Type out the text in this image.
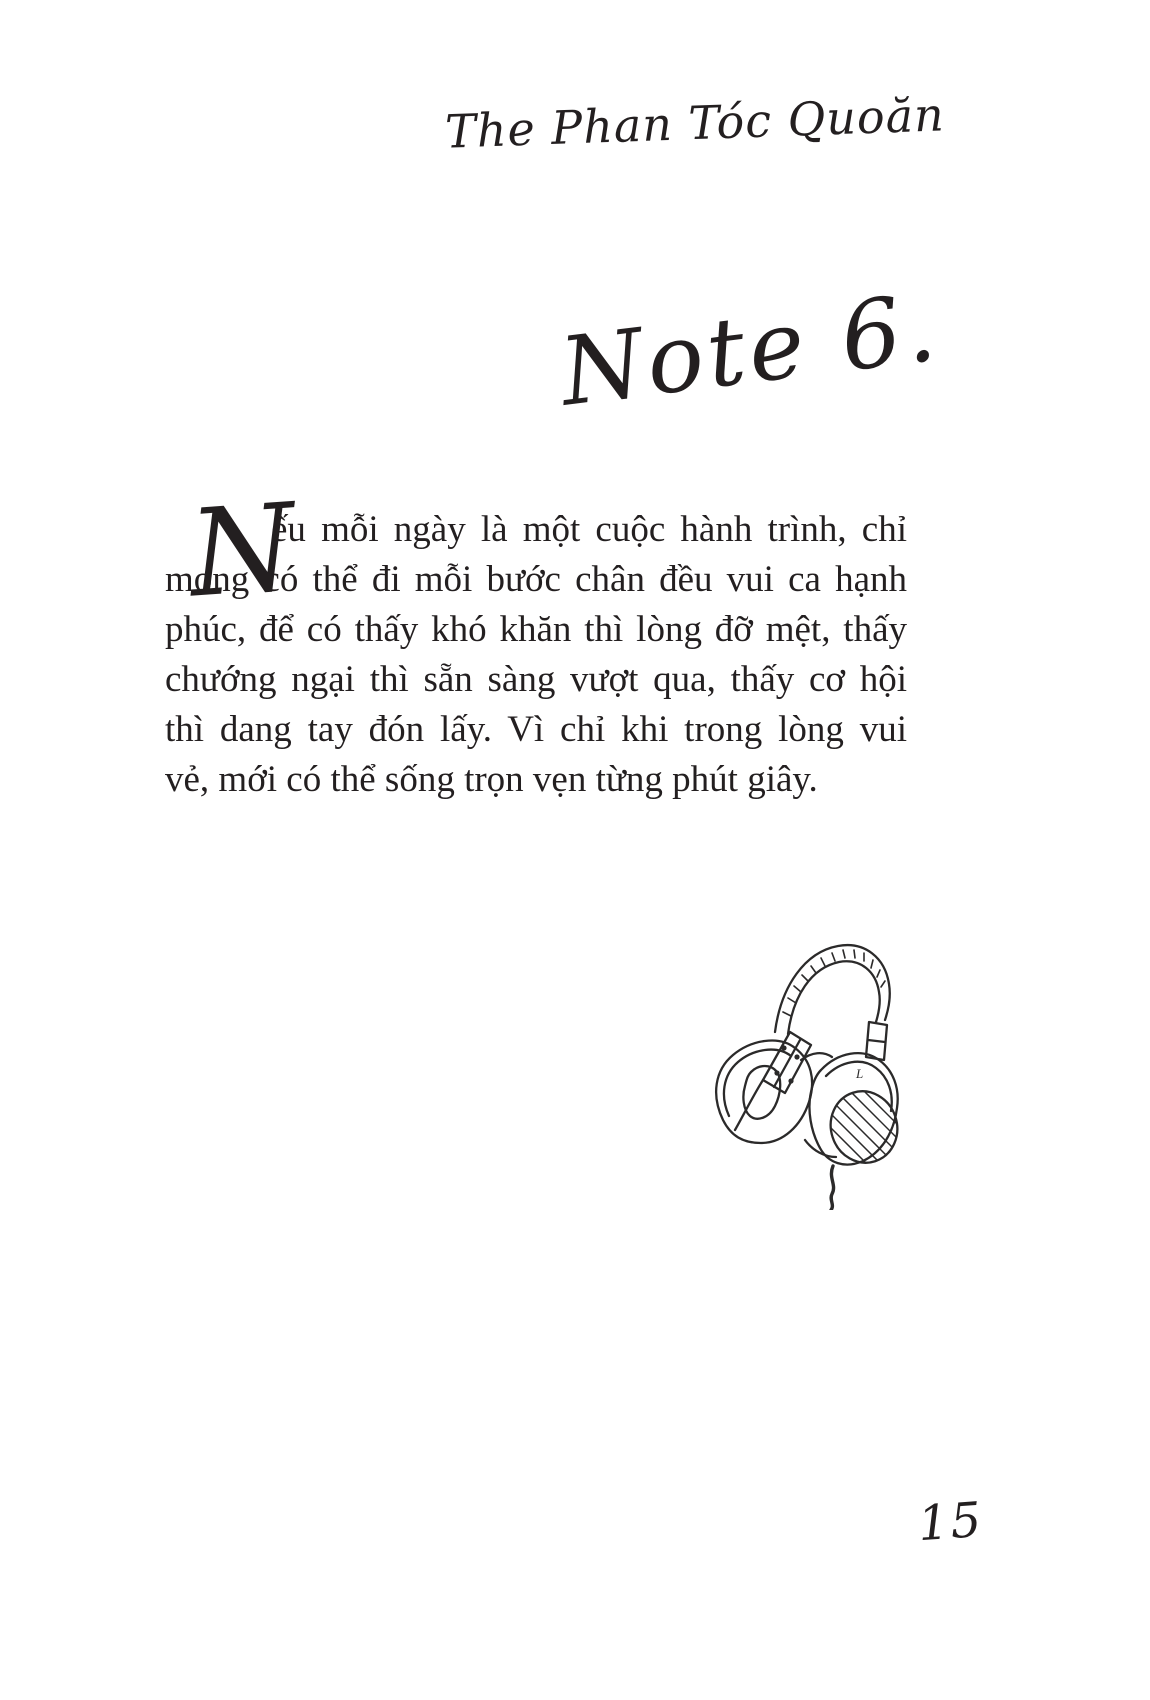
The Phan Tóc Quoăn
Note 6.
N
ếu mỗi ngày là một cuộc hành trình, chỉ
mong có thể đi mỗi bước chân đều vui ca hạnh
phúc, để có thấy khó khăn thì lòng đỡ mệt, thấy
chướng ngại thì sẵn sàng vượt qua, thấy cơ hội
thì dang tay đón lấy. Vì chỉ khi trong lòng vui
vẻ, mới có thể sống trọn vẹn từng phút giây.
L
15
